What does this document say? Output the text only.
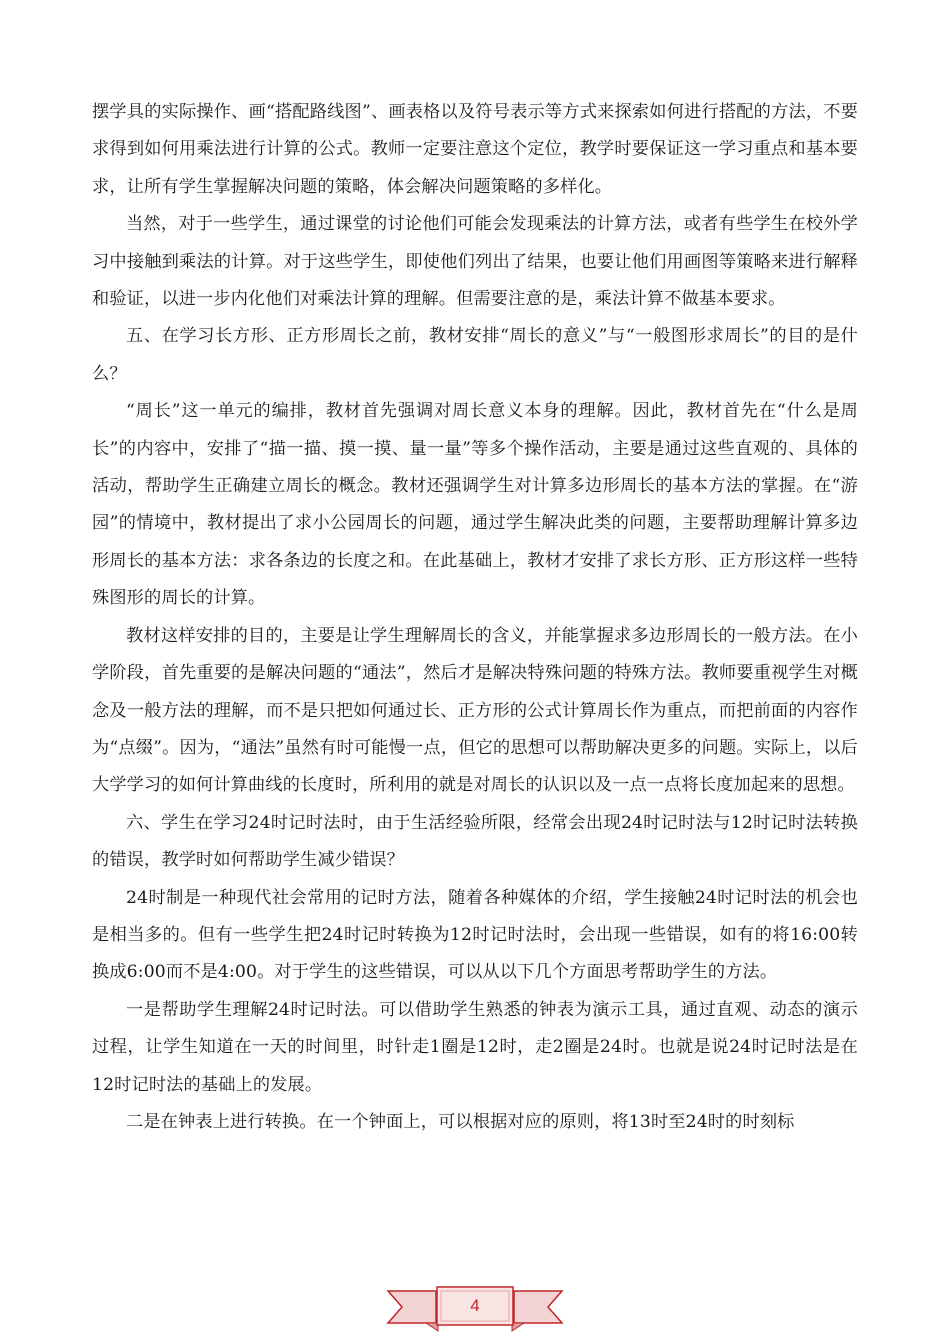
摆学具的实际操作、画“搭配路线图”、画表格以及符号表示等方式来探索如何进行搭配的方法，不要求得到如何用乘法进行计算的公式。教师一定要注意这个定位，教学时要保证这一学习重点和基本要求，让所有学生掌握解决问题的策略，体会解决问题策略的多样化。

当然，对于一些学生，通过课堂的讨论他们可能会发现乘法的计算方法，或者有些学生在校外学习中接触到乘法的计算。对于这些学生，即使他们列出了结果，也要让他们用画图等策略来进行解释和验证，以进一步内化他们对乘法计算的理解。但需要注意的是，乘法计算不做基本要求。

五、在学习长方形、正方形周长之前，教材安排“周长的意义”与“一般图形求周长”的目的是什么？

“周长”这一单元的编排，教材首先强调对周长意义本身的理解。因此，教材首先在“什么是周长”的内容中，安排了“描一描、摸一摸、量一量”等多个操作活动，主要是通过这些直观的、具体的活动，帮助学生正确建立周长的概念。教材还强调学生对计算多边形周长的基本方法的掌握。在“游园”的情境中，教材提出了求小公园周长的问题，通过学生解决此类的问题，主要帮助理解计算多边形周长的基本方法：求各条边的长度之和。在此基础上，教材才安排了求长方形、正方形这样一些特殊图形的周长的计算。

教材这样安排的目的，主要是让学生理解周长的含义，并能掌握求多边形周长的一般方法。在小学阶段，首先重要的是解决问题的“通法”，然后才是解决特殊问题的特殊方法。教师要重视学生对概念及一般方法的理解，而不是只把如何通过长、正方形的公式计算周长作为重点，而把前面的内容作为“点缀”。因为，“通法”虽然有时可能慢一点，但它的思想可以帮助解决更多的问题。实际上，以后大学学习的如何计算曲线的长度时，所利用的就是对周长的认识以及一点一点将长度加起来的思想。

六、学生在学习24时记时法时，由于生活经验所限，经常会出现24时记时法与12时记时法转换的错误，教学时如何帮助学生减少错误？

24时制是一种现代社会常用的记时方法，随着各种媒体的介绍，学生接触24时记时法的机会也是相当多的。但有一些学生把24时记时转换为12时记时法时，会出现一些错误，如有的将16:00转换成6:00而不是4:00。对于学生的这些错误，可以从以下几个方面思考帮助学生的方法。

一是帮助学生理解24时记时法。可以借助学生熟悉的钟表为演示工具，通过直观、动态的演示过程，让学生知道在一天的时间里，时针走1圈是12时，走2圈是24时。也就是说24时记时法是在12时记时法的基础上的发展。

二是在钟表上进行转换。在一个钟面上，可以根据对应的原则，将13时至24时的时刻标

4
